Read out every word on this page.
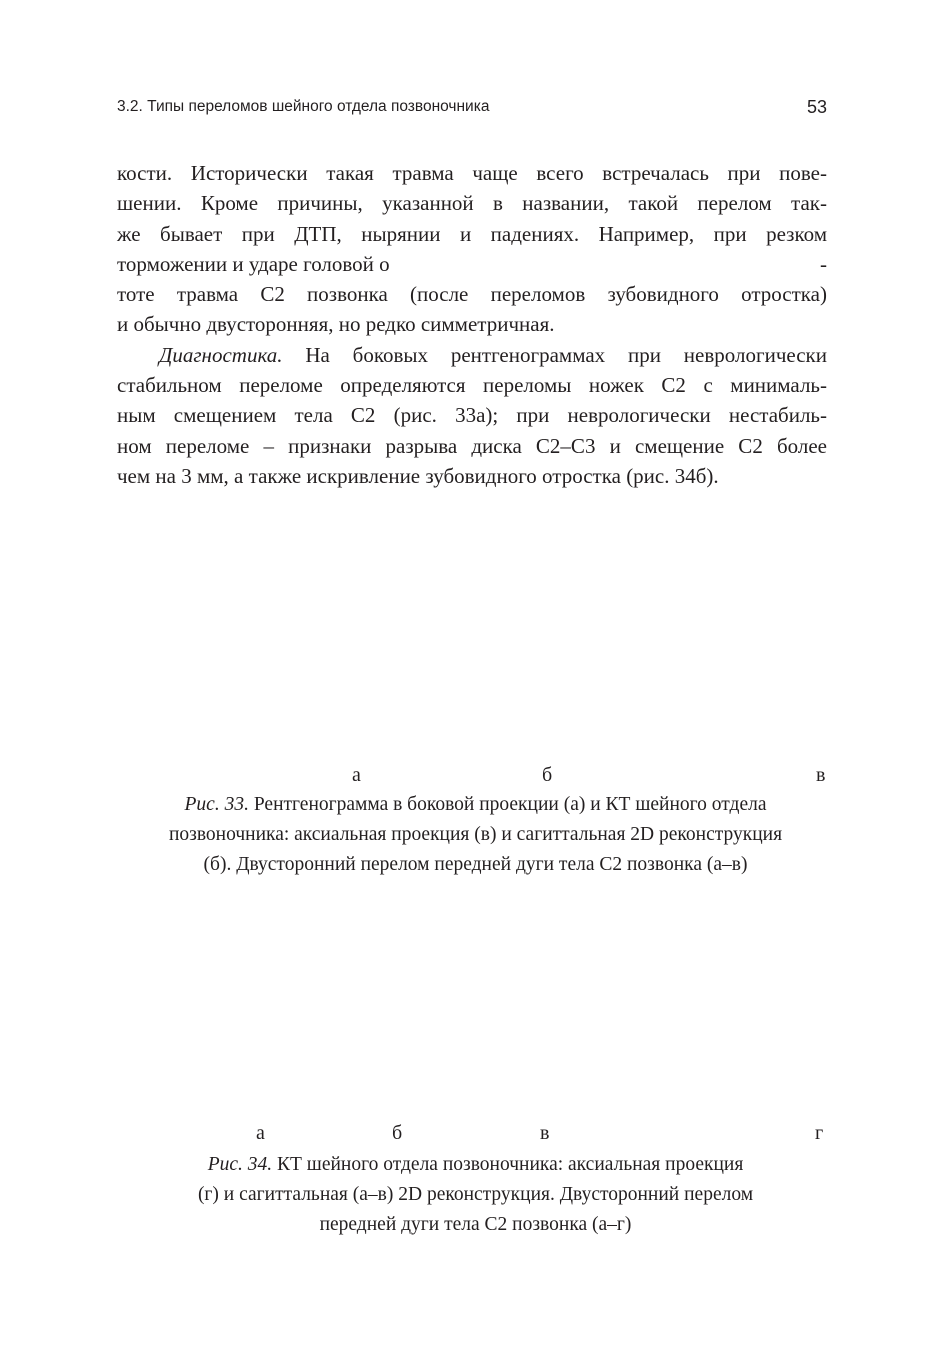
3.2. Типы переломов шейного отдела позвоночника	53
кости. Исторически такая травма чаще всего встречалась при пове-
шении. Кроме причины, указанной в названии, такой перелом так-
же бывает при ДТП, нырянии и падениях. Например, при резком
торможении и ударе головой о	-
тоте травма С2 позвонка (после переломов зубовидного отростка)
и обычно двусторонняя, но редко симметричная.
Диагностика. На боковых рентгенограммах при неврологически
стабильном переломе определяются переломы ножек С2 с минималь-
ным смещением тела С2 (рис. 33а); при неврологически нестабиль-
ном переломе – признаки разрыва диска С2–С3 и смещение С2 более
чем на 3 мм, а также искривление зубовидного отростка (рис. 34б).
а	б	в
Рис. 33. Рентгенограмма в боковой проекции (а) и КТ шейного отдела
позвоночника: аксиальная проекция (в) и сагиттальная 2D реконструкция
(б). Двусторонний перелом передней дуги тела С2 позвонка (а–в)
а	б	в	г
Рис. 34. КТ шейного отдела позвоночника: аксиальная проекция
(г) и сагиттальная (а–в) 2D реконструкция. Двусторонний перелом
передней дуги тела С2 позвонка (а–г)
